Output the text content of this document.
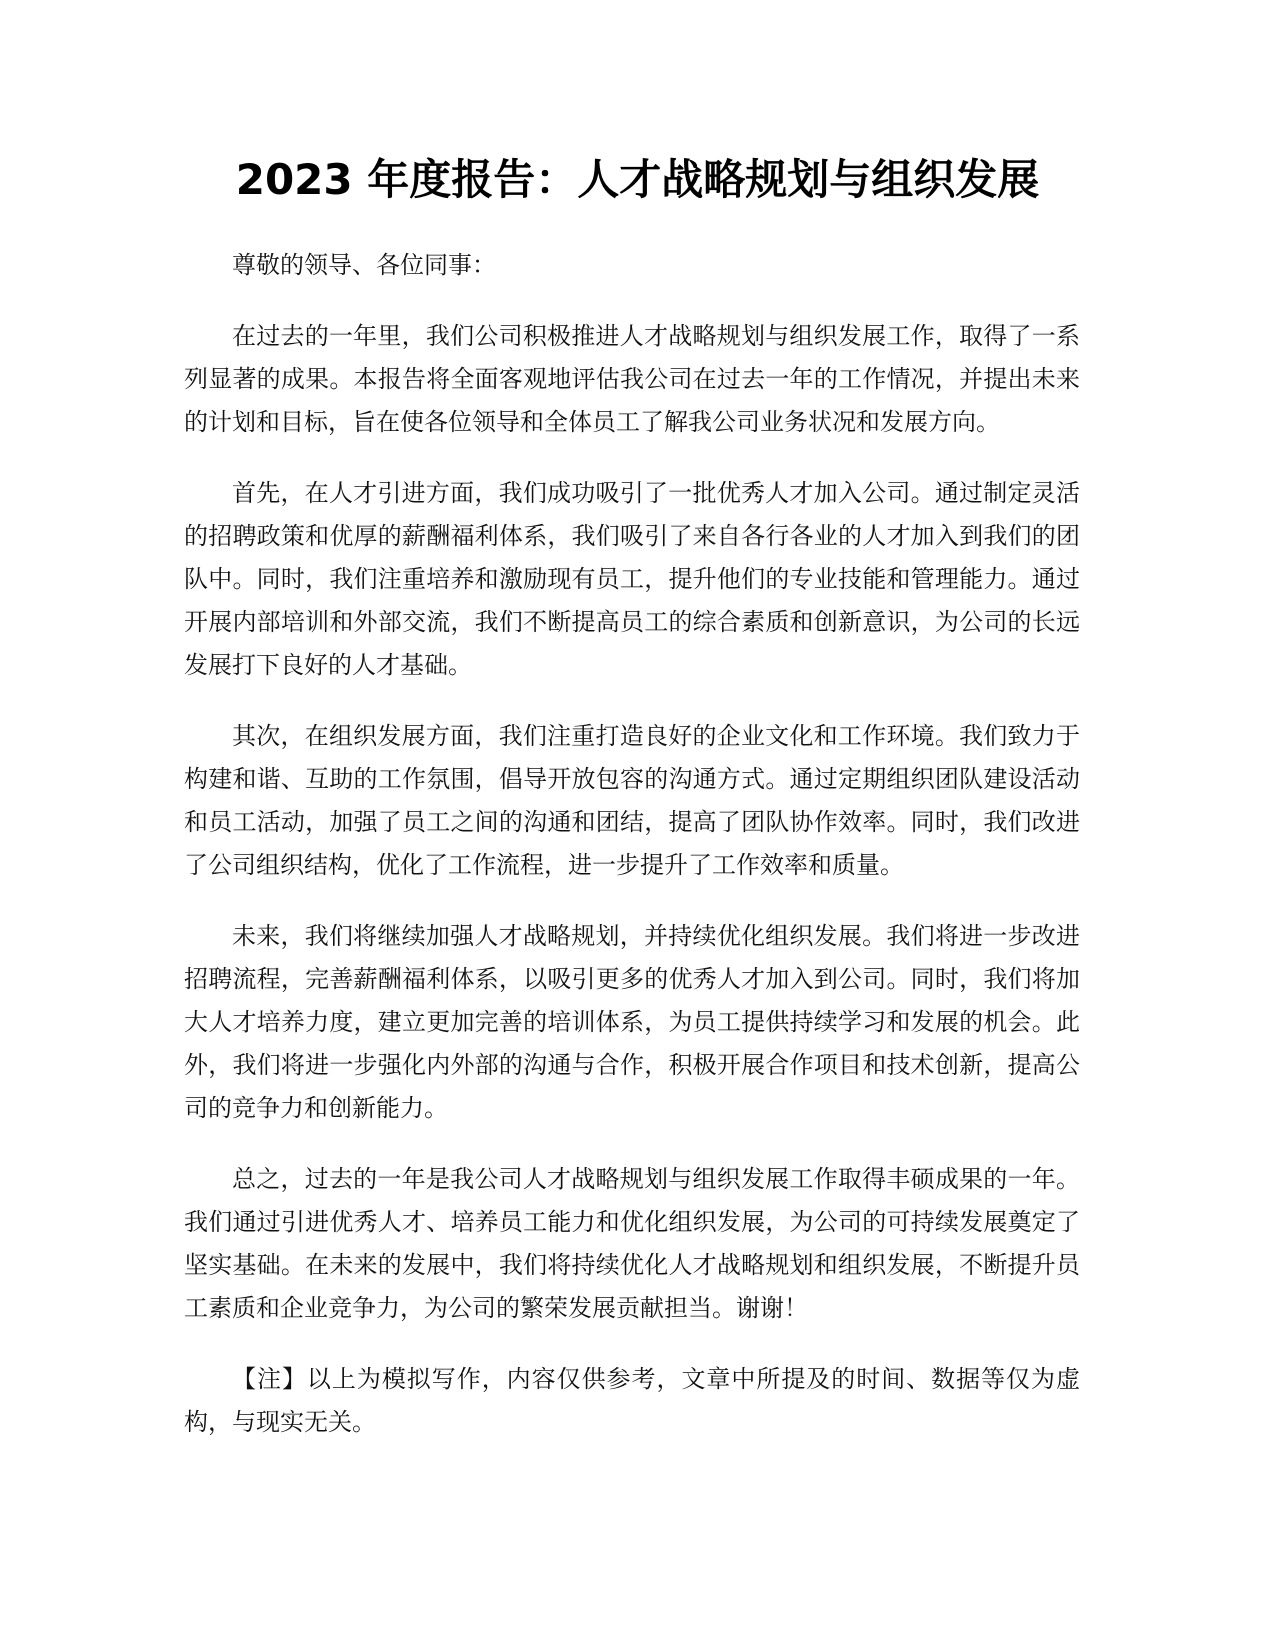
2023 年度报告：人才战略规划与组织发展

尊敬的领导、各位同事：

在过去的一年里，我们公司积极推进人才战略规划与组织发展工作，取得了一系列显著的成果。本报告将全面客观地评估我公司在过去一年的工作情况，并提出未来的计划和目标，旨在使各位领导和全体员工了解我公司业务状况和发展方向。

首先，在人才引进方面，我们成功吸引了一批优秀人才加入公司。通过制定灵活的招聘政策和优厚的薪酬福利体系，我们吸引了来自各行各业的人才加入到我们的团队中。同时，我们注重培养和激励现有员工，提升他们的专业技能和管理能力。通过开展内部培训和外部交流，我们不断提高员工的综合素质和创新意识，为公司的长远发展打下良好的人才基础。

其次，在组织发展方面，我们注重打造良好的企业文化和工作环境。我们致力于构建和谐、互助的工作氛围，倡导开放包容的沟通方式。通过定期组织团队建设活动和员工活动，加强了员工之间的沟通和团结，提高了团队协作效率。同时，我们改进了公司组织结构，优化了工作流程，进一步提升了工作效率和质量。

未来，我们将继续加强人才战略规划，并持续优化组织发展。我们将进一步改进招聘流程，完善薪酬福利体系，以吸引更多的优秀人才加入到公司。同时，我们将加大人才培养力度，建立更加完善的培训体系，为员工提供持续学习和发展的机会。此外，我们将进一步强化内外部的沟通与合作，积极开展合作项目和技术创新，提高公司的竞争力和创新能力。

总之，过去的一年是我公司人才战略规划与组织发展工作取得丰硕成果的一年。我们通过引进优秀人才、培养员工能力和优化组织发展，为公司的可持续发展奠定了坚实基础。在未来的发展中，我们将持续优化人才战略规划和组织发展，不断提升员工素质和企业竞争力，为公司的繁荣发展贡献担当。谢谢！

【注】以上为模拟写作，内容仅供参考，文章中所提及的时间、数据等仅为虚构，与现实无关。
